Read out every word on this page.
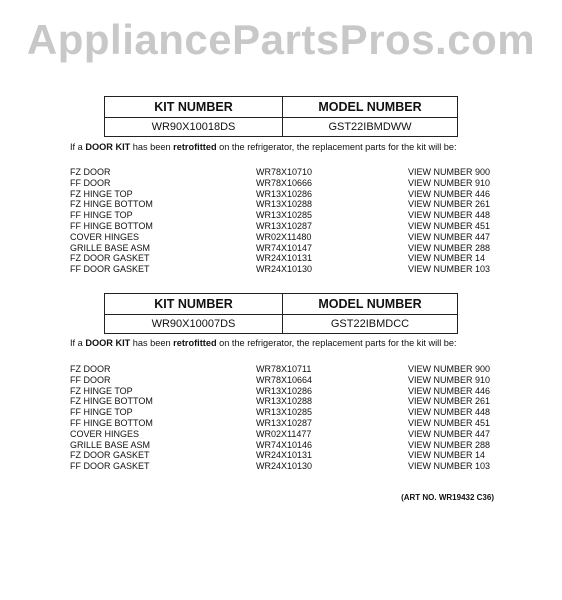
AppliancePartsPros.com
KIT NUMBER	MODEL NUMBER
WR90X10018DS	GST22IBMDWW
If a DOOR KIT has been retrofitted on the refrigerator, the replacement parts for the kit will be:
FZ DOOR	WR78X10710	VIEW NUMBER 900
FF DOOR	WR78X10666	VIEW NUMBER 910
FZ HINGE TOP	WR13X10286	VIEW NUMBER 446
FZ HINGE BOTTOM	WR13X10288	VIEW NUMBER 261
FF HINGE TOP	WR13X10285	VIEW NUMBER 448
FF HINGE BOTTOM	WR13X10287	VIEW NUMBER 451
COVER HINGES	WR02X11480	VIEW NUMBER 447
GRILLE BASE ASM	WR74X10147	VIEW NUMBER 288
FZ DOOR GASKET	WR24X10131	VIEW NUMBER 14
FF DOOR GASKET	WR24X10130	VIEW NUMBER 103
KIT NUMBER	MODEL NUMBER
WR90X10007DS	GST22IBMDCC
If a DOOR KIT has been retrofitted on the refrigerator, the replacement parts for the kit will be:
FZ DOOR	WR78X10711	VIEW NUMBER 900
FF DOOR	WR78X10664	VIEW NUMBER 910
FZ HINGE TOP	WR13X10286	VIEW NUMBER 446
FZ HINGE BOTTOM	WR13X10288	VIEW NUMBER 261
FF HINGE TOP	WR13X10285	VIEW NUMBER 448
FF HINGE BOTTOM	WR13X10287	VIEW NUMBER 451
COVER HINGES	WR02X11477	VIEW NUMBER 447
GRILLE BASE ASM	WR74X10146	VIEW NUMBER 288
FZ DOOR GASKET	WR24X10131	VIEW NUMBER 14
FF DOOR GASKET	WR24X10130	VIEW NUMBER 103
(ART NO. WR19432 C36)
